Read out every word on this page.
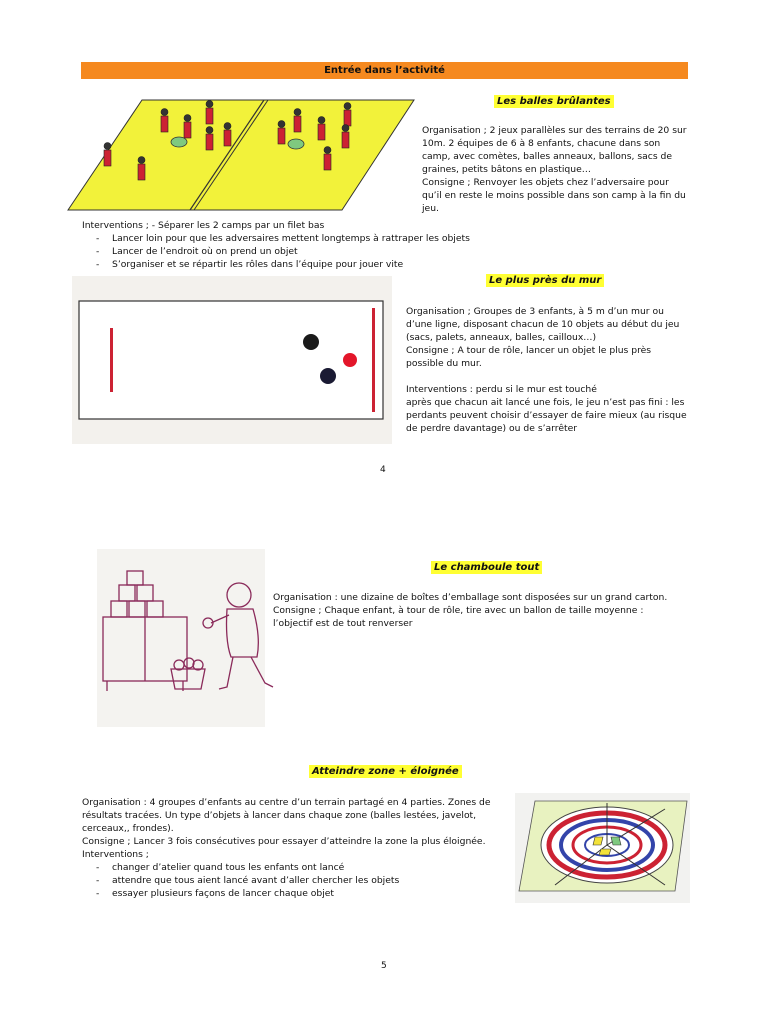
Entrée dans l’activité
Les balles brûlantes

Organisation ; 2 jeux parallèles sur des terrains de 20 sur 10m. 2 équipes de 6 à 8 enfants, chacune dans son camp, avec comètes, balles anneaux, ballons, sacs de graines, petits bâtons en plastique…

Consigne ; Renvoyer les objets chez l’adversaire pour qu’il en reste le moins possible dans son camp à la fin du jeu.

Interventions ; - Séparer les 2 camps par un filet bas

- Lancer loin pour que les adversaires mettent longtemps à rattraper les objets
- Lancer de l’endroit où on prend un objet
- S’organiser et se répartir les rôles dans l’équipe pour jouer vite
Le plus près du mur

Organisation ; Groupes de 3 enfants, à 5 m d’un mur ou d’une ligne, disposant chacun de 10 objets au début du jeu (sacs, palets, anneaux, balles, cailloux…)

Consigne ; A tour de rôle, lancer un objet le plus près possible du mur.

Interventions : perdu si le mur est touché

après que chacun ait lancé une fois, le jeu n’est pas fini : les perdants peuvent choisir d’essayer de faire mieux (au risque de perdre davantage) ou de s’arrêter

4
Le chamboule tout

Organisation : une dizaine de boîtes d’emballage sont disposées sur un grand carton.

Consigne ; Chaque enfant, à tour de rôle, tire avec un ballon de taille moyenne : l’objectif est de tout renverser

Atteindre zone + éloignée

Organisation : 4 groupes d’enfants au centre d’un terrain partagé en 4 parties. Zones de résultats tracées. Un type d’objets à lancer dans chaque zone (balles lestées, javelot, cerceaux,, frondes).

Consigne ; Lancer 3 fois consécutives pour essayer d’atteindre la zone la plus éloignée.

Interventions ;

- changer d’atelier quand tous les enfants ont lancé
- attendre que tous aient lancé avant d’aller chercher les objets
- essayer plusieurs façons de lancer chaque objet
5
